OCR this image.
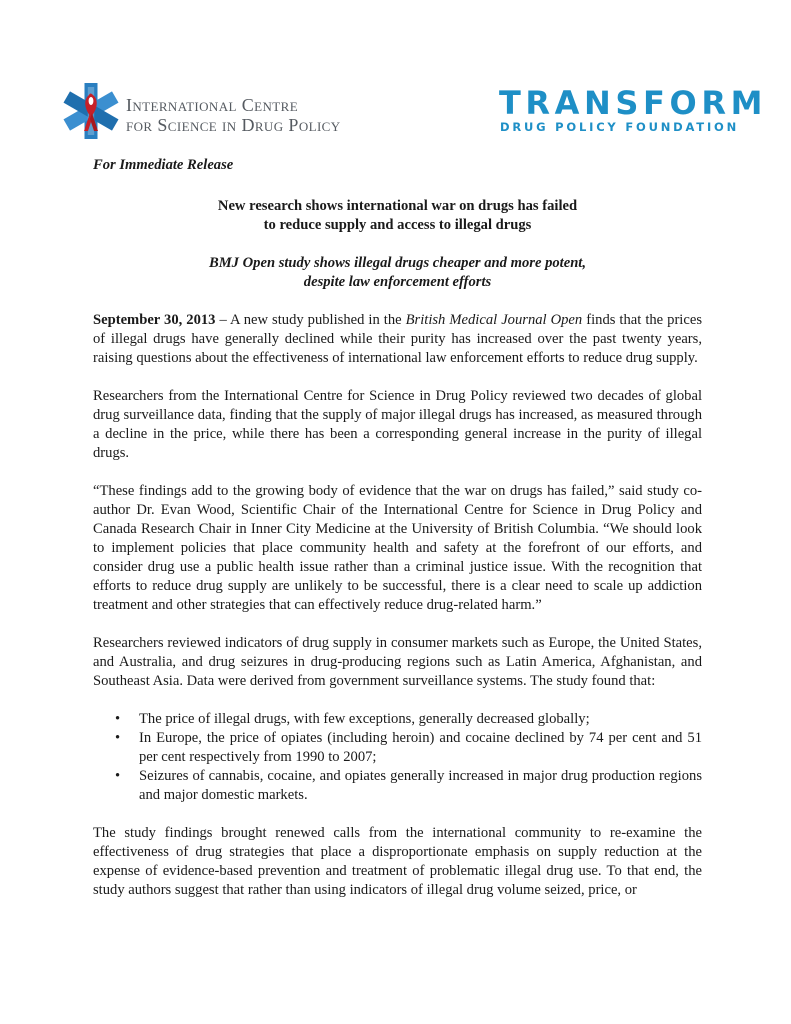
International Centre
for Science in Drug Policy
TRANSFORM
DRUG POLICY FOUNDATION

For Immediate Release

New research shows international war on drugs has failed
to reduce supply and access to illegal drugs

BMJ Open study shows illegal drugs cheaper and more potent,
despite law enforcement efforts

September 30, 2013 – A new study published in the British Medical Journal Open finds that the prices of illegal drugs have generally declined while their purity has increased over the past twenty years, raising questions about the effectiveness of international law enforcement efforts to reduce drug supply.

Researchers from the International Centre for Science in Drug Policy reviewed two decades of global drug surveillance data, finding that the supply of major illegal drugs has increased, as measured through a decline in the price, while there has been a corresponding general increase in the purity of illegal drugs.

“These findings add to the growing body of evidence that the war on drugs has failed,” said study co-author Dr. Evan Wood, Scientific Chair of the International Centre for Science in Drug Policy and Canada Research Chair in Inner City Medicine at the University of British Columbia. “We should look to implement policies that place community health and safety at the forefront of our efforts, and consider drug use a public health issue rather than a criminal justice issue. With the recognition that efforts to reduce drug supply are unlikely to be successful, there is a clear need to scale up addiction treatment and other strategies that can effectively reduce drug-related harm.”

Researchers reviewed indicators of drug supply in consumer markets such as Europe, the United States, and Australia, and drug seizures in drug-producing regions such as Latin America, Afghanistan, and Southeast Asia. Data were derived from government surveillance systems. The study found that:

• The price of illegal drugs, with few exceptions, generally decreased globally;
• In Europe, the price of opiates (including heroin) and cocaine declined by 74 per cent and 51 per cent respectively from 1990 to 2007;
• Seizures of cannabis, cocaine, and opiates generally increased in major drug production regions and major domestic markets.

The study findings brought renewed calls from the international community to re-examine the effectiveness of drug strategies that place a disproportionate emphasis on supply reduction at the expense of evidence-based prevention and treatment of problematic illegal drug use. To that end, the study authors suggest that rather than using indicators of illegal drug volume seized, price, or
